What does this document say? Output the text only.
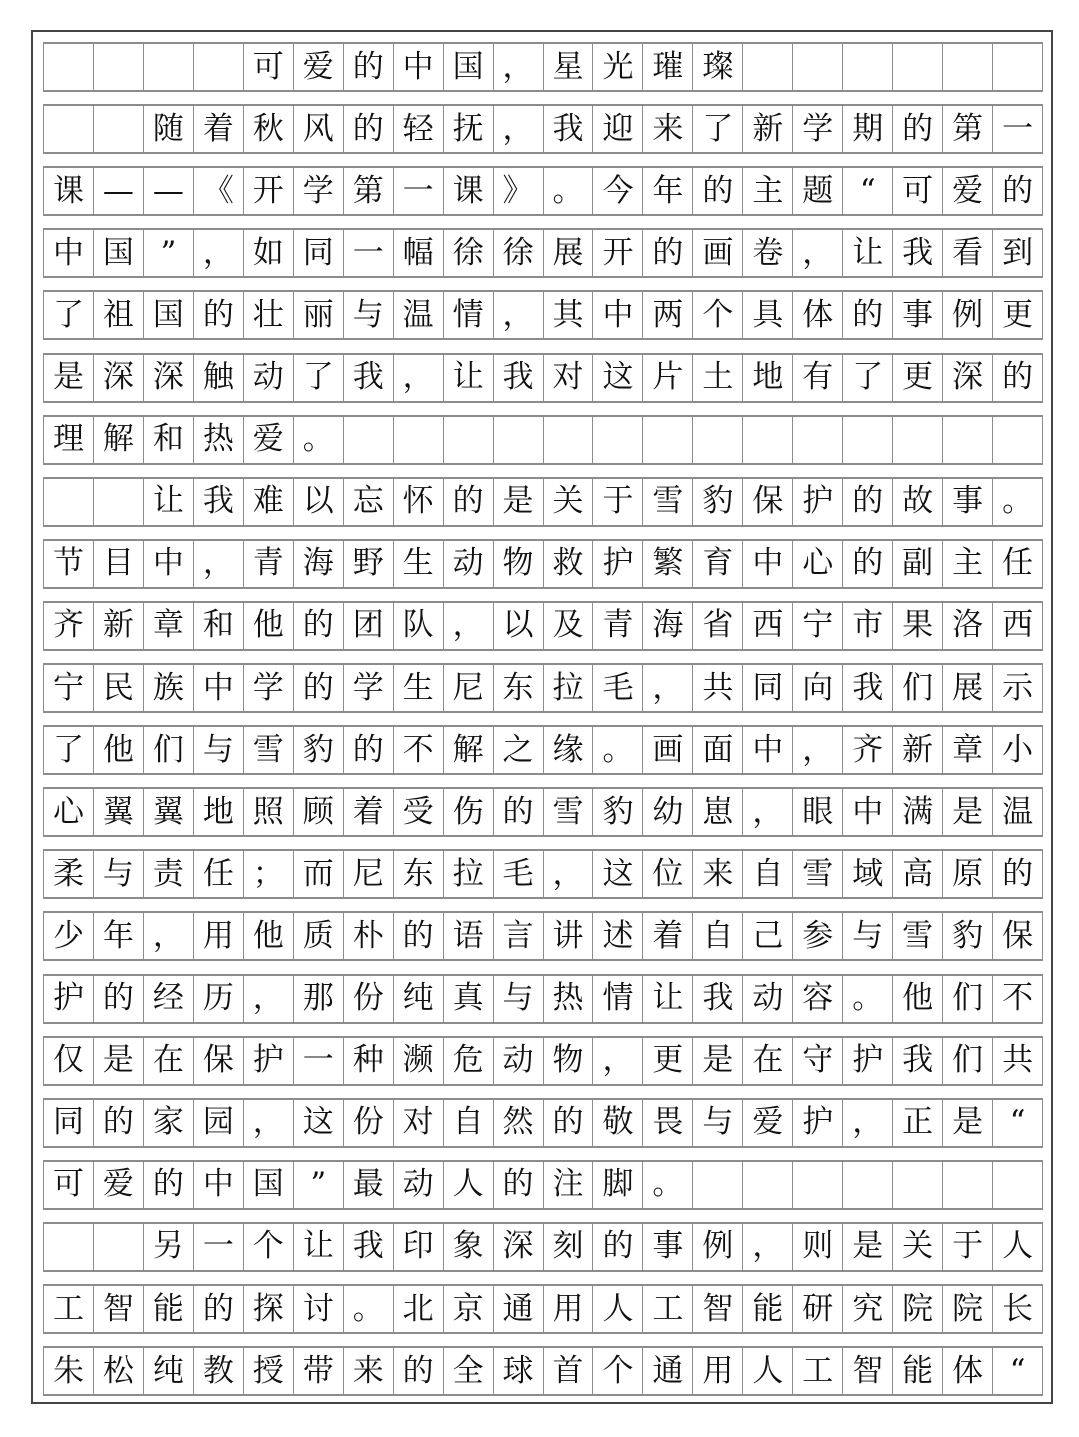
可 爱 的 中 国 ， 星 光 璀 璨
随 着 秋 风 的 轻 抚 ， 我 迎 来 了 新 学 期 的 第 一
课 — — 《 开 学 第 一 课 》 。 今 年 的 主 题 “ 可 爱 的
中 国 ” ， 如 同 一 幅 徐 徐 展 开 的 画 卷 ， 让 我 看 到
了 祖 国 的 壮 丽 与 温 情 ， 其 中 两 个 具 体 的 事 例 更
是 深 深 触 动 了 我 ， 让 我 对 这 片 土 地 有 了 更 深 的
理 解 和 热 爱 。
让 我 难 以 忘 怀 的 是 关 于 雪 豹 保 护 的 故 事 。
节 目 中 ， 青 海 野 生 动 物 救 护 繁 育 中 心 的 副 主 任
齐 新 章 和 他 的 团 队 ， 以 及 青 海 省 西 宁 市 果 洛 西
宁 民 族 中 学 的 学 生 尼 东 拉 毛 ， 共 同 向 我 们 展 示
了 他 们 与 雪 豹 的 不 解 之 缘 。 画 面 中 ， 齐 新 章 小
心 翼 翼 地 照 顾 着 受 伤 的 雪 豹 幼 崽 ， 眼 中 满 是 温
柔 与 责 任 ； 而 尼 东 拉 毛 ， 这 位 来 自 雪 域 高 原 的
少 年 ， 用 他 质 朴 的 语 言 讲 述 着 自 己 参 与 雪 豹 保
护 的 经 历 ， 那 份 纯 真 与 热 情 让 我 动 容 。 他 们 不
仅 是 在 保 护 一 种 濒 危 动 物 ， 更 是 在 守 护 我 们 共
同 的 家 园 ， 这 份 对 自 然 的 敬 畏 与 爱 护 ， 正 是 “
可 爱 的 中 国 ” 最 动 人 的 注 脚 。
另 一 个 让 我 印 象 深 刻 的 事 例 ， 则 是 关 于 人
工 智 能 的 探 讨 。 北 京 通 用 人 工 智 能 研 究 院 院 长
朱 松 纯 教 授 带 来 的 全 球 首 个 通 用 人 工 智 能 体 “
